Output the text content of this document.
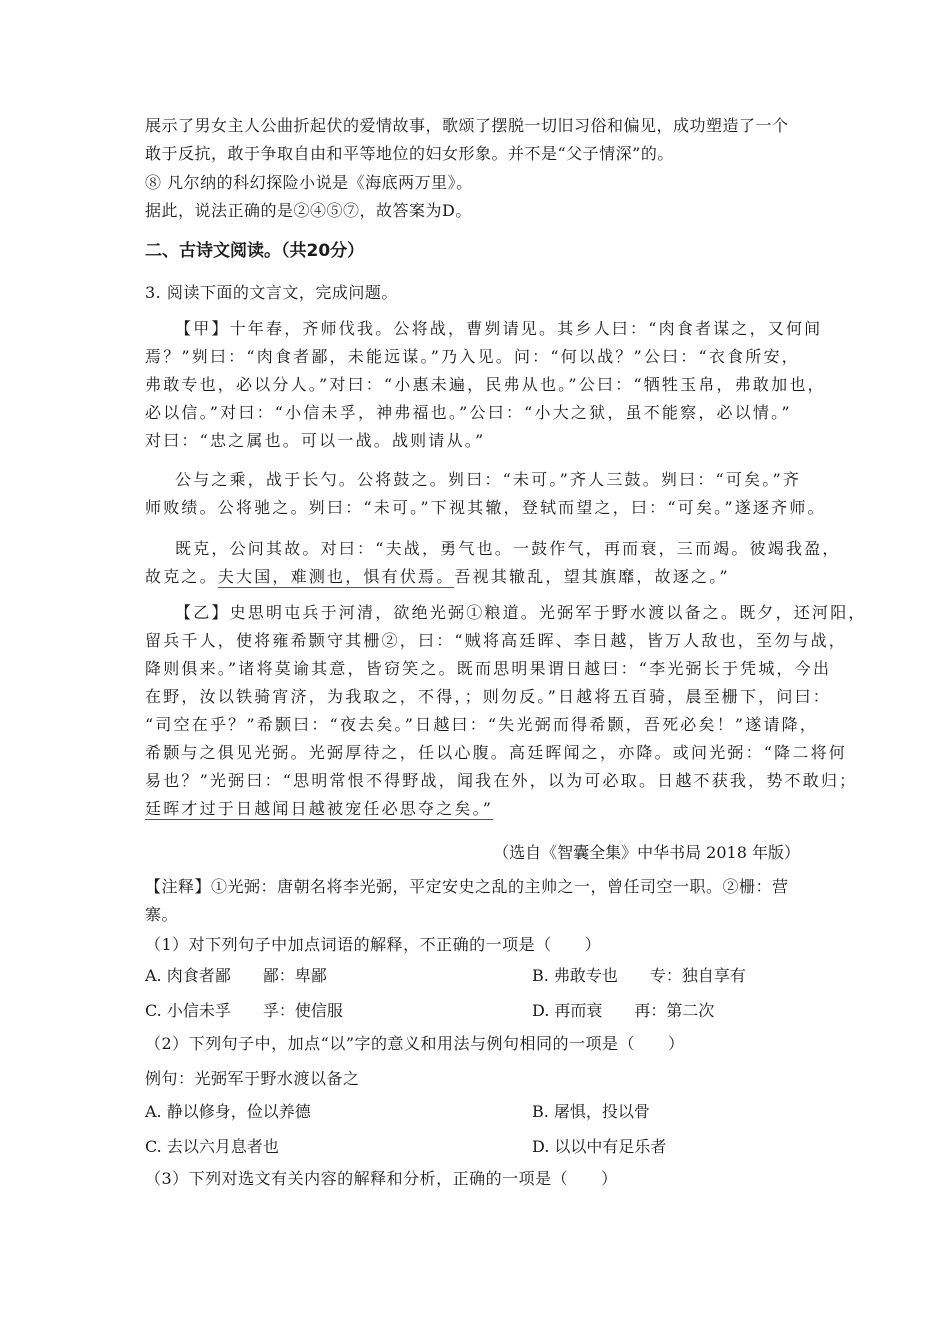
展示了男女主人公曲折起伏的爱情故事，歌颂了摆脱一切旧习俗和偏见，成功塑造了一个
敢于反抗，敢于争取自由和平等地位的妇女形象。并不是“父子情深”的。
⑧ 凡尔纳的科幻探险小说是《海底两万里》。
据此，说法正确的是②④⑤⑦，故答案为D。
二、古诗文阅读。（共20分）
3. 阅读下面的文言文，完成问题。
【甲】十年春，齐师伐我。公将战，曹刿请见。其乡人曰：“肉食者谋之，又何间
焉？”刿曰：“肉食者鄙，未能远谋。”乃入见。问：“何以战？”公曰：“衣食所安，
弗敢专也，必以分人。”对曰：“小惠未遍，民弗从也。”公曰：“牺牲玉帛，弗敢加也，
必以信。”对曰：“小信未孚，神弗福也。”公曰：“小大之狱，虽不能察，必以情。”
对曰：“忠之属也。可以一战。战则请从。”
公与之乘，战于长勺。公将鼓之。刿曰：“未可。”齐人三鼓。刿曰：“可矣。”齐
师败绩。公将驰之。刿曰：“未可。”下视其辙，登轼而望之，曰：“可矣。”遂逐齐师。
既克，公问其故。对曰：“夫战，勇气也。一鼓作气，再而衰，三而竭。彼竭我盈，
故克之。夫大国，难测也，惧有伏焉。吾视其辙乱，望其旗靡，故逐之。”
【乙】史思明屯兵于河清，欲绝光弼①粮道。光弼军于野水渡以备之。既夕，还河阳，
留兵千人，使将雍希颢守其栅②，曰：“贼将高廷晖、李日越，皆万人敌也，至勿与战，
降则俱来。”诸将莫谕其意，皆窃笑之。既而思明果谓日越曰：“李光弼长于凭城，今出
在野，汝以铁骑宵济，为我取之，不得，；则勿反。”日越将五百骑，晨至栅下，问曰：
“司空在乎？”希颢曰：“夜去矣。”日越曰：“失光弼而得希颢，吾死必矣！”遂请降，
希颢与之俱见光弼。光弼厚待之，任以心腹。高廷晖闻之，亦降。或问光弼：“降二将何
易也？”光弼曰：“思明常恨不得野战，闻我在外，以为可必取。日越不获我，势不敢归；
廷晖才过于日越闻日越被宠任必思夺之矣。”
（选自《智囊全集》中华书局 2018 年版）
【注释】①光弼：唐朝名将李光弼，平定安史之乱的主帅之一，曾任司空一职。②栅：营
寨。
（1）对下列句子中加点词语的解释，不正确的一项是（　　）
A. 肉食者鄙　　鄙：卑鄙	B. 弗敢专也　　专：独自享有
C. 小信未孚　　孚：使信服	D. 再而衰　　再：第二次
（2）下列句子中，加点“以”字的意义和用法与例句相同的一项是（　　）
例句：光弼军于野水渡以备之
A. 静以修身，俭以养德	B. 屠惧，投以骨
C. 去以六月息者也	D. 以以中有足乐者
（3）下列对选文有关内容的解释和分析，正确的一项是（　　）
